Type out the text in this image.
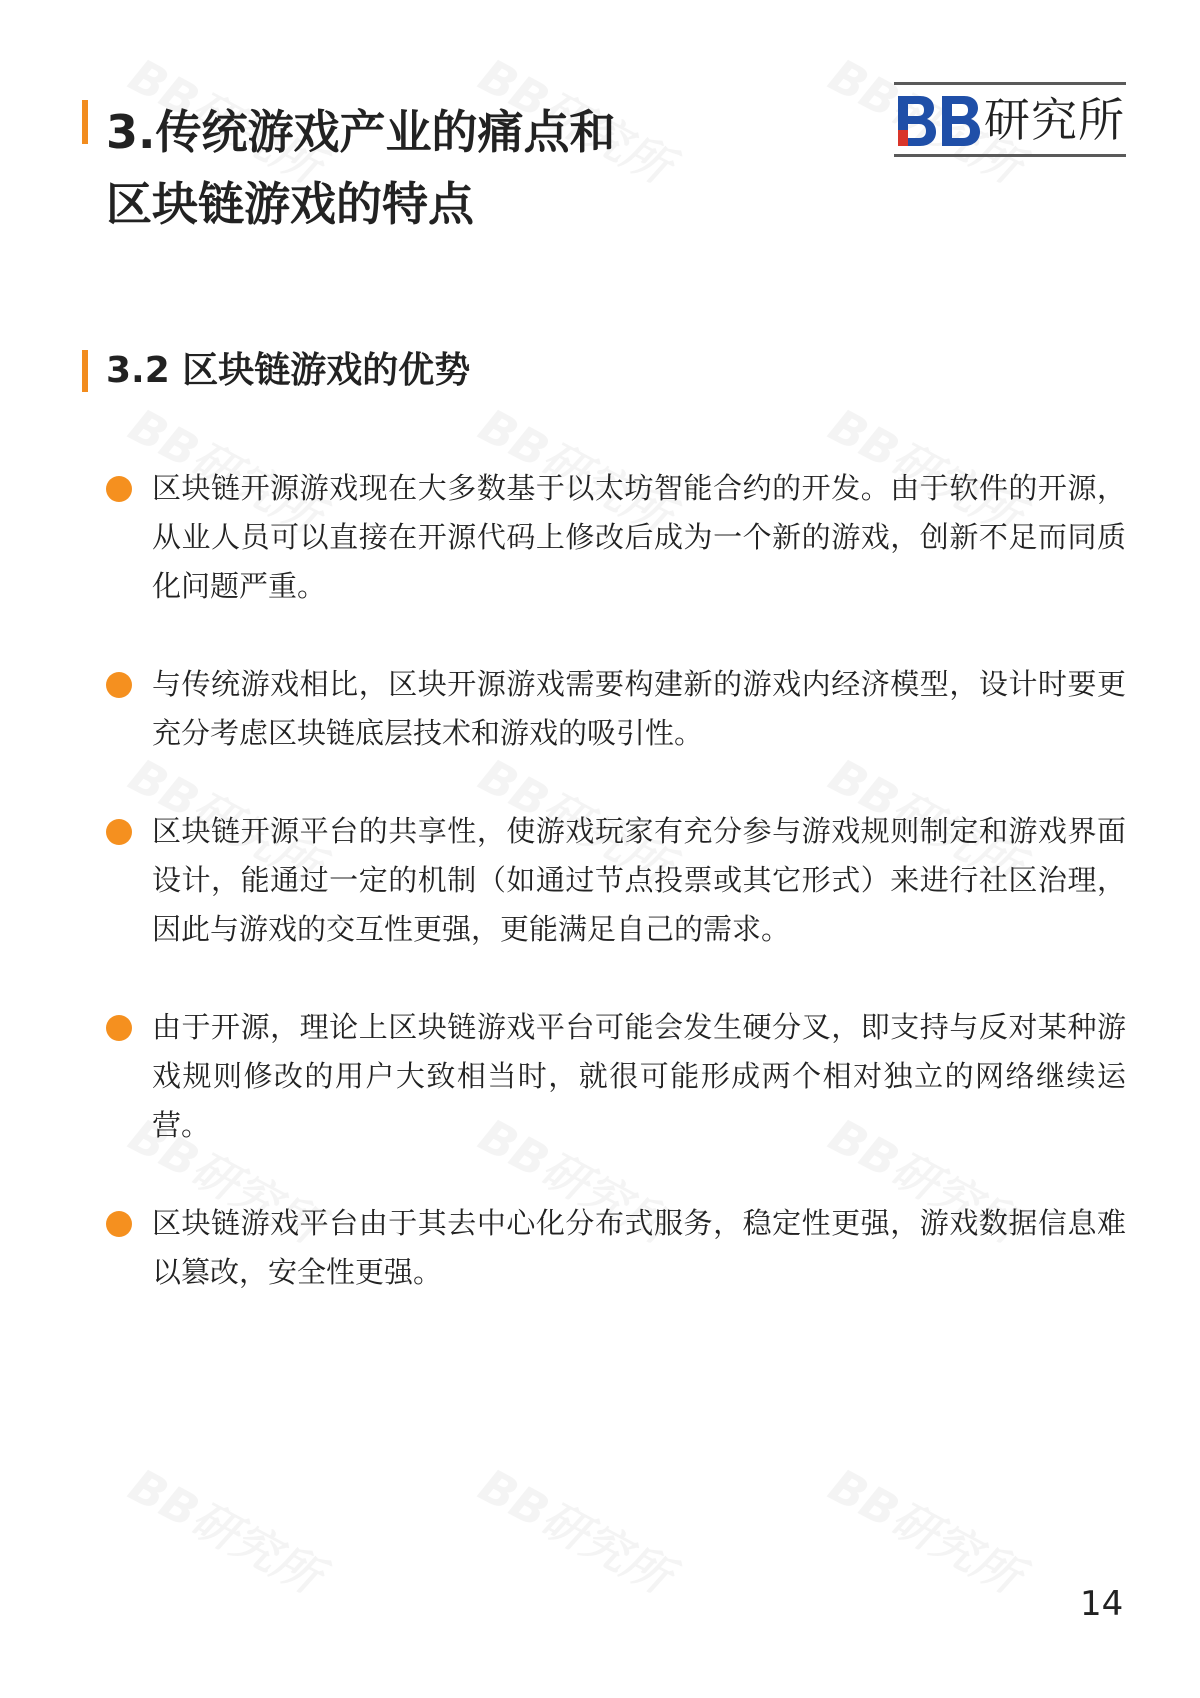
3.传统游戏产业的痛点和
区块链游戏的特点
研究所
3.2 区块链游戏的优势
区块链开源游戏现在大多数基于以太坊智能合约的开发。由于软件的开源，从业人员可以直接在开源代码上修改后成为一个新的游戏，创新不足而同质化问题严重。
与传统游戏相比，区块开源游戏需要构建新的游戏内经济模型，设计时要更充分考虑区块链底层技术和游戏的吸引性。
区块链开源平台的共享性，使游戏玩家有充分参与游戏规则制定和游戏界面设计，能通过一定的机制（如通过节点投票或其它形式）来进行社区治理，因此与游戏的交互性更强，更能满足自己的需求。
由于开源，理论上区块链游戏平台可能会发生硬分叉，即支持与反对某种游戏规则修改的用户大致相当时，就很可能形成两个相对独立的网络继续运营。
区块链游戏平台由于其去中心化分布式服务，稳定性更强，游戏数据信息难以篡改，安全性更强。
14
